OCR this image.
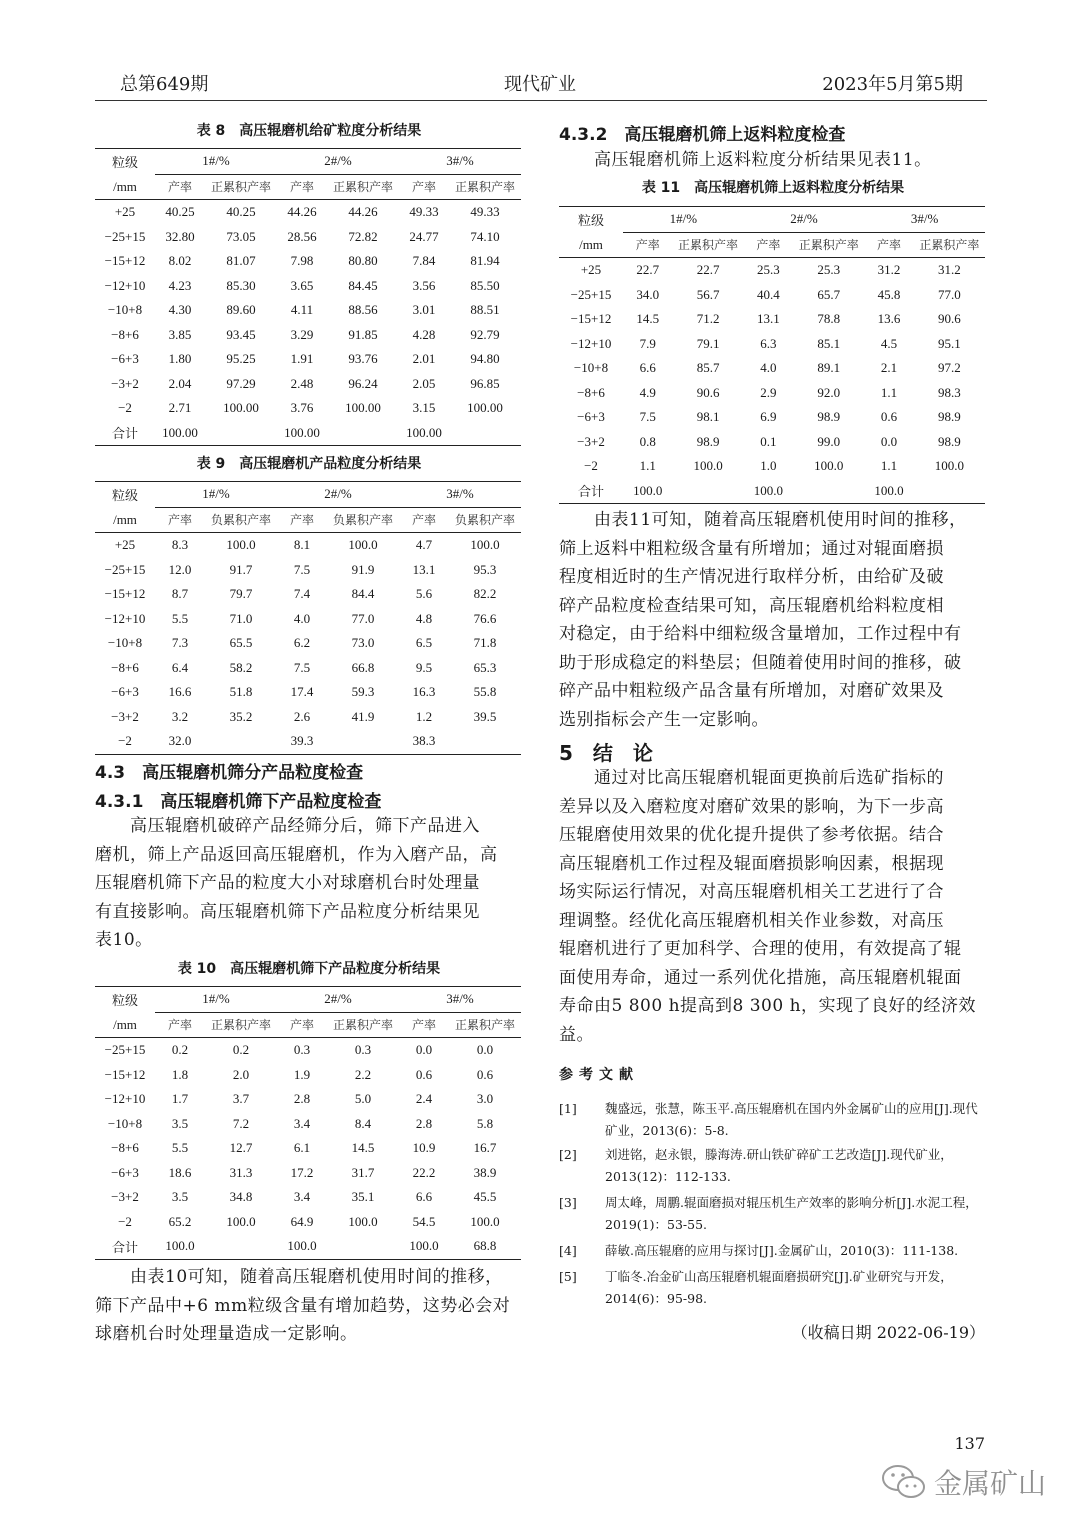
总第649期	现代矿业	2023年5月第5期
表 8　高压辊磨机给矿粒度分析结果
粒级	1#/%		2#/%		3#/%	
/mm	产率	正累积产率	产率	正累积产率	产率	正累积产率
+25	40.25	40.25	44.26	44.26	49.33	49.33
−25+15	32.80	73.05	28.56	72.82	24.77	74.10
−15+12	8.02	81.07	7.98	80.80	7.84	81.94
−12+10	4.23	85.30	3.65	84.45	3.56	85.50
−10+8	4.30	89.60	4.11	88.56	3.01	88.51
−8+6	3.85	93.45	3.29	91.85	4.28	92.79
−6+3	1.80	95.25	1.91	93.76	2.01	94.80
−3+2	2.04	97.29	2.48	96.24	2.05	96.85
−2	2.71	100.00	3.76	100.00	3.15	100.00
合计	100.00		100.00		100.00	
表 9　高压辊磨机产品粒度分析结果
粒级	1#/%		2#/%		3#/%	
/mm	产率	负累积产率	产率	负累积产率	产率	负累积产率
+25	8.3	100.0	8.1	100.0	4.7	100.0
−25+15	12.0	91.7	7.5	91.9	13.1	95.3
−15+12	8.7	79.7	7.4	84.4	5.6	82.2
−12+10	5.5	71.0	4.0	77.0	4.8	76.6
−10+8	7.3	65.5	6.2	73.0	6.5	71.8
−8+6	6.4	58.2	7.5	66.8	9.5	65.3
−6+3	16.6	51.8	17.4	59.3	16.3	55.8
−3+2	3.2	35.2	2.6	41.9	1.2	39.5
−2	32.0		39.3		38.3	
4.3　高压辊磨机筛分产品粒度检查
4.3.1　高压辊磨机筛下产品粒度检查
　　高压辊磨机破碎产品经筛分后，筛下产品进入
磨机，筛上产品返回高压辊磨机，作为入磨产品，高
压辊磨机筛下产品的粒度大小对球磨机台时处理量
有直接影响。高压辊磨机筛下产品粒度分析结果见
表10。
表 10　高压辊磨机筛下产品粒度分析结果
粒级	1#/%		2#/%		3#/%	
/mm	产率	正累积产率	产率	正累积产率	产率	正累积产率
−25+15	0.2	0.2	0.3	0.3	0.0	0.0
−15+12	1.8	2.0	1.9	2.2	0.6	0.6
−12+10	1.7	3.7	2.8	5.0	2.4	3.0
−10+8	3.5	7.2	3.4	8.4	2.8	5.8
−8+6	5.5	12.7	6.1	14.5	10.9	16.7
−6+3	18.6	31.3	17.2	31.7	22.2	38.9
−3+2	3.5	34.8	3.4	35.1	6.6	45.5
−2	65.2	100.0	64.9	100.0	54.5	100.0
合计	100.0		100.0		100.0	68.8
　　由表10可知，随着高压辊磨机使用时间的推移，
筛下产品中+6 mm粒级含量有增加趋势，这势必会对
球磨机台时处理量造成一定影响。
4.3.2　高压辊磨机筛上返料粒度检查
　　高压辊磨机筛上返料粒度分析结果见表11。
表 11　高压辊磨机筛上返料粒度分析结果
粒级	1#/%		2#/%		3#/%	
/mm	产率	正累积产率	产率	正累积产率	产率	正累积产率
+25	22.7	22.7	25.3	25.3	31.2	31.2
−25+15	34.0	56.7	40.4	65.7	45.8	77.0
−15+12	14.5	71.2	13.1	78.8	13.6	90.6
−12+10	7.9	79.1	6.3	85.1	4.5	95.1
−10+8	6.6	85.7	4.0	89.1	2.1	97.2
−8+6	4.9	90.6	2.9	92.0	1.1	98.3
−6+3	7.5	98.1	6.9	98.9	0.6	98.9
−3+2	0.8	98.9	0.1	99.0	0.0	98.9
−2	1.1	100.0	1.0	100.0	1.1	100.0
合计	100.0		100.0		100.0	
　　由表11可知，随着高压辊磨机使用时间的推移，
筛上返料中粗粒级含量有所增加；通过对辊面磨损
程度相近时的生产情况进行取样分析，由给矿及破
碎产品粒度检查结果可知，高压辊磨机给料粒度相
对稳定，由于给料中细粒级含量增加，工作过程中有
助于形成稳定的料垫层；但随着使用时间的推移，破
碎产品中粗粒级产品含量有所增加，对磨矿效果及
选别指标会产生一定影响。
5　结　论
　　通过对比高压辊磨机辊面更换前后选矿指标的
差异以及入磨粒度对磨矿效果的影响，为下一步高
压辊磨使用效果的优化提升提供了参考依据。结合
高压辊磨机工作过程及辊面磨损影响因素，根据现
场实际运行情况，对高压辊磨机相关工艺进行了合
理调整。经优化高压辊磨机相关作业参数，对高压
辊磨机进行了更加科学、合理的使用，有效提高了辊
面使用寿命，通过一系列优化措施，高压辊磨机辊面
寿命由5 800 h提高到8 300 h，实现了良好的经济效
益。
参考文献
[1] 魏盛远，张慧，陈玉平.高压辊磨机在国内外金属矿山的应用[J].现代矿业，2013(6)：5-8.
[2] 刘进铭，赵永银，滕海涛.研山铁矿碎矿工艺改造[J].现代矿业，2013(12)：112-133.
[3] 周太峰，周鹏.辊面磨损对辊压机生产效率的影响分析[J].水泥工程，2019(1)：53-55.
[4] 薛敏.高压辊磨的应用与探讨[J].金属矿山，2010(3)：111-138.
[5] 丁临冬.冶金矿山高压辊磨机辊面磨损研究[J].矿业研究与开发，2014(6)：95-98.
（收稿日期 2022-06-19）
137
金属矿山
